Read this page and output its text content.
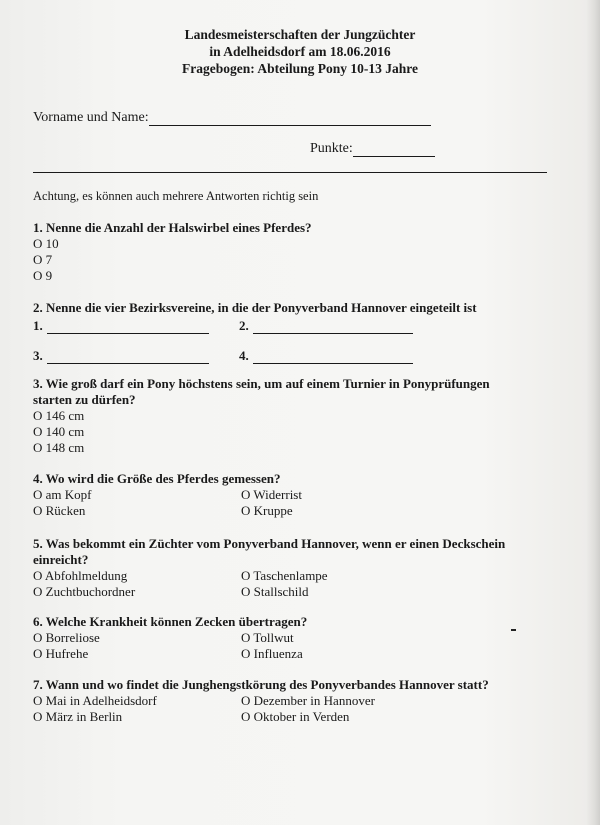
Landesmeisterschaften der Jungzüchter
in Adelheidsdorf am 18.06.2016
Fragebogen: Abteilung Pony 10-13 Jahre
Vorname und Name:
Punkte:
Achtung, es können auch mehrere Antworten richtig sein
1. Nenne die Anzahl der Halswirbel eines Pferdes?
O 10
O 7
O 9
2. Nenne die vier Bezirksvereine, in die der Ponyverband Hannover eingeteilt ist
1.	2.
3.	4.
3. Wie groß darf ein Pony höchstens sein, um auf einem Turnier in Ponyprüfungen
starten zu dürfen?
O 146 cm
O 140 cm
O 148 cm
4. Wo wird die Größe des Pferdes gemessen?
O am Kopf	O Widerrist
O Rücken	O Kruppe
5. Was bekommt ein Züchter vom Ponyverband Hannover, wenn er einen Deckschein
einreicht?
O Abfohlmeldung	O Taschenlampe
O Zuchtbuchordner	O Stallschild
6. Welche Krankheit können Zecken übertragen?
O Borreliose	O Tollwut
O Hufrehe	O Influenza
7. Wann und wo findet die Junghengstkörung des Ponyverbandes Hannover statt?
O Mai in Adelheidsdorf	O Dezember in Hannover
O März in Berlin	O Oktober in Verden
